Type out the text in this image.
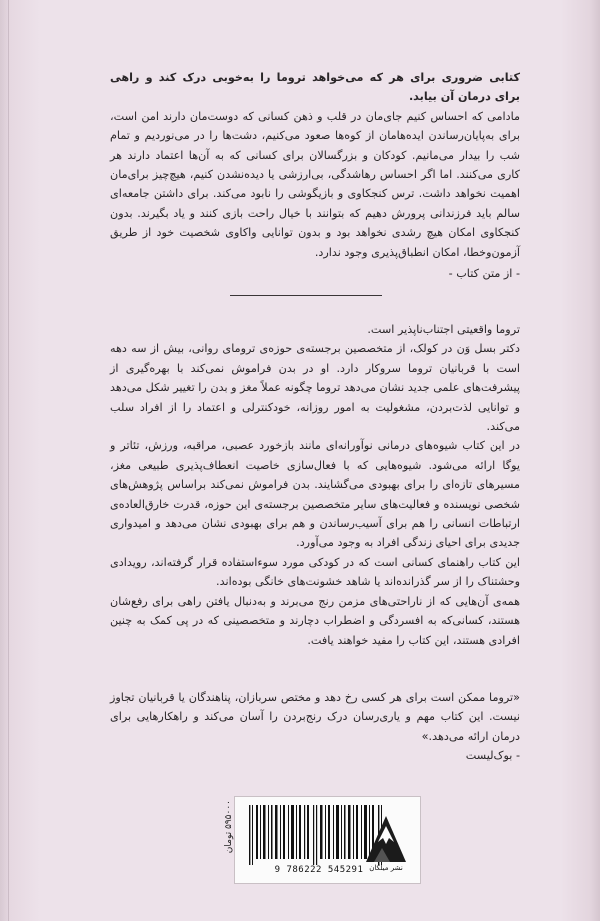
کتابی ضروری برای هر که می‌خواهد تروما را به‌خوبی درک کند و راهی برای درمان آن بیابد.

مادامی که احساس کنیم جای‌مان در قلب و ذهن کسانی که دوست‌مان دارند امن است، برای به‌پایان‌رساندن ایده‌هامان از کوه‌ها صعود می‌کنیم، دشت‌ها را در می‌نوردیم و تمام شب را بیدار می‌مانیم. کودکان و بزرگسالان برای کسانی که به آن‌ها اعتماد دارند هر کاری می‌کنند. اما اگر احساس رهاشدگی، بی‌ارزشی یا دیده‌نشدن کنیم، هیچ‌چیز برای‌مان اهمیت نخواهد داشت. ترس کنجکاوی و بازیگوشی را نابود می‌کند. برای داشتن جامعه‌ای سالم باید فرزندانی پرورش دهیم که بتوانند با خیال راحت بازی کنند و یاد بگیرند. بدون کنجکاوی امکان هیچ رشدی نخواهد بود و بدون توانایی واکاوی شخصیت خود از طریق آزمون‌وخطا، امکان انطباق‌پذیری وجود ندارد.

- از متن کتاب -

تروما واقعیتی اجتناب‌ناپذیر است.

دکتر بسل وَن در کولک، از متخصصین برجسته‌ی حوزه‌ی ترومای روانی، بیش از سه دهه است با قربانیان تروما سروکار دارد. او در بدن فراموش نمی‌کند با بهره‌گیری از پیشرفت‌های علمی جدید نشان می‌دهد تروما چگونه عملاً مغز و بدن را تغییر شکل می‌دهد و توانایی لذت‌بردن، مشغولیت به امور روزانه، خودکنترلی و اعتماد را از افراد سلب می‌کند.

در این کتاب شیوه‌های درمانی نوآورانه‌ای مانند بازخورد عصبی، مراقبه، ورزش، تئاتر و یوگا ارائه می‌شود. شیوه‌هایی که با فعال‌سازی خاصیت انعطاف‌پذیری طبیعی مغز، مسیرهای تازه‌ای را برای بهبودی می‌گشایند. بدن فراموش نمی‌کند براساس پژوهش‌های شخصی نویسنده و فعالیت‌های سایر متخصصین برجسته‌ی این حوزه، قدرت خارق‌العاده‌ی ارتباطات انسانی را هم برای آسیب‌رساندن و هم برای بهبودی نشان می‌دهد و امیدواری جدیدی برای احیای زندگی افراد به وجود می‌آورد.

این کتاب راهنمای کسانی است که در کودکی مورد سوءاستفاده قرار گرفته‌اند، رویدادی وحشتناک را از سر گذرانده‌اند یا شاهد خشونت‌های خانگی بوده‌اند.

همه‌ی آن‌هایی که از ناراحتی‌های مزمن رنج می‌برند و به‌دنبال یافتن راهی برای رفع‌شان هستند، کسانی‌که به افسردگی و اضطراب دچارند و متخصصینی که در پی کمک به چنین افرادی هستند، این کتاب را مفید خواهند یافت.

«تروما ممکن است برای هر کسی رخ دهد و مختص سربازان، پناهندگان یا قربانیان تجاوز نیست. این کتاب مهم و یاری‌رسان درک رنج‌بردن را آسان می‌کند و راهکارهایی برای درمان ارائه می‌دهد.»

- بوک‌لیست

9 786222 545291
۵۹۵۰۰۰ تومان
نشر میلکان
